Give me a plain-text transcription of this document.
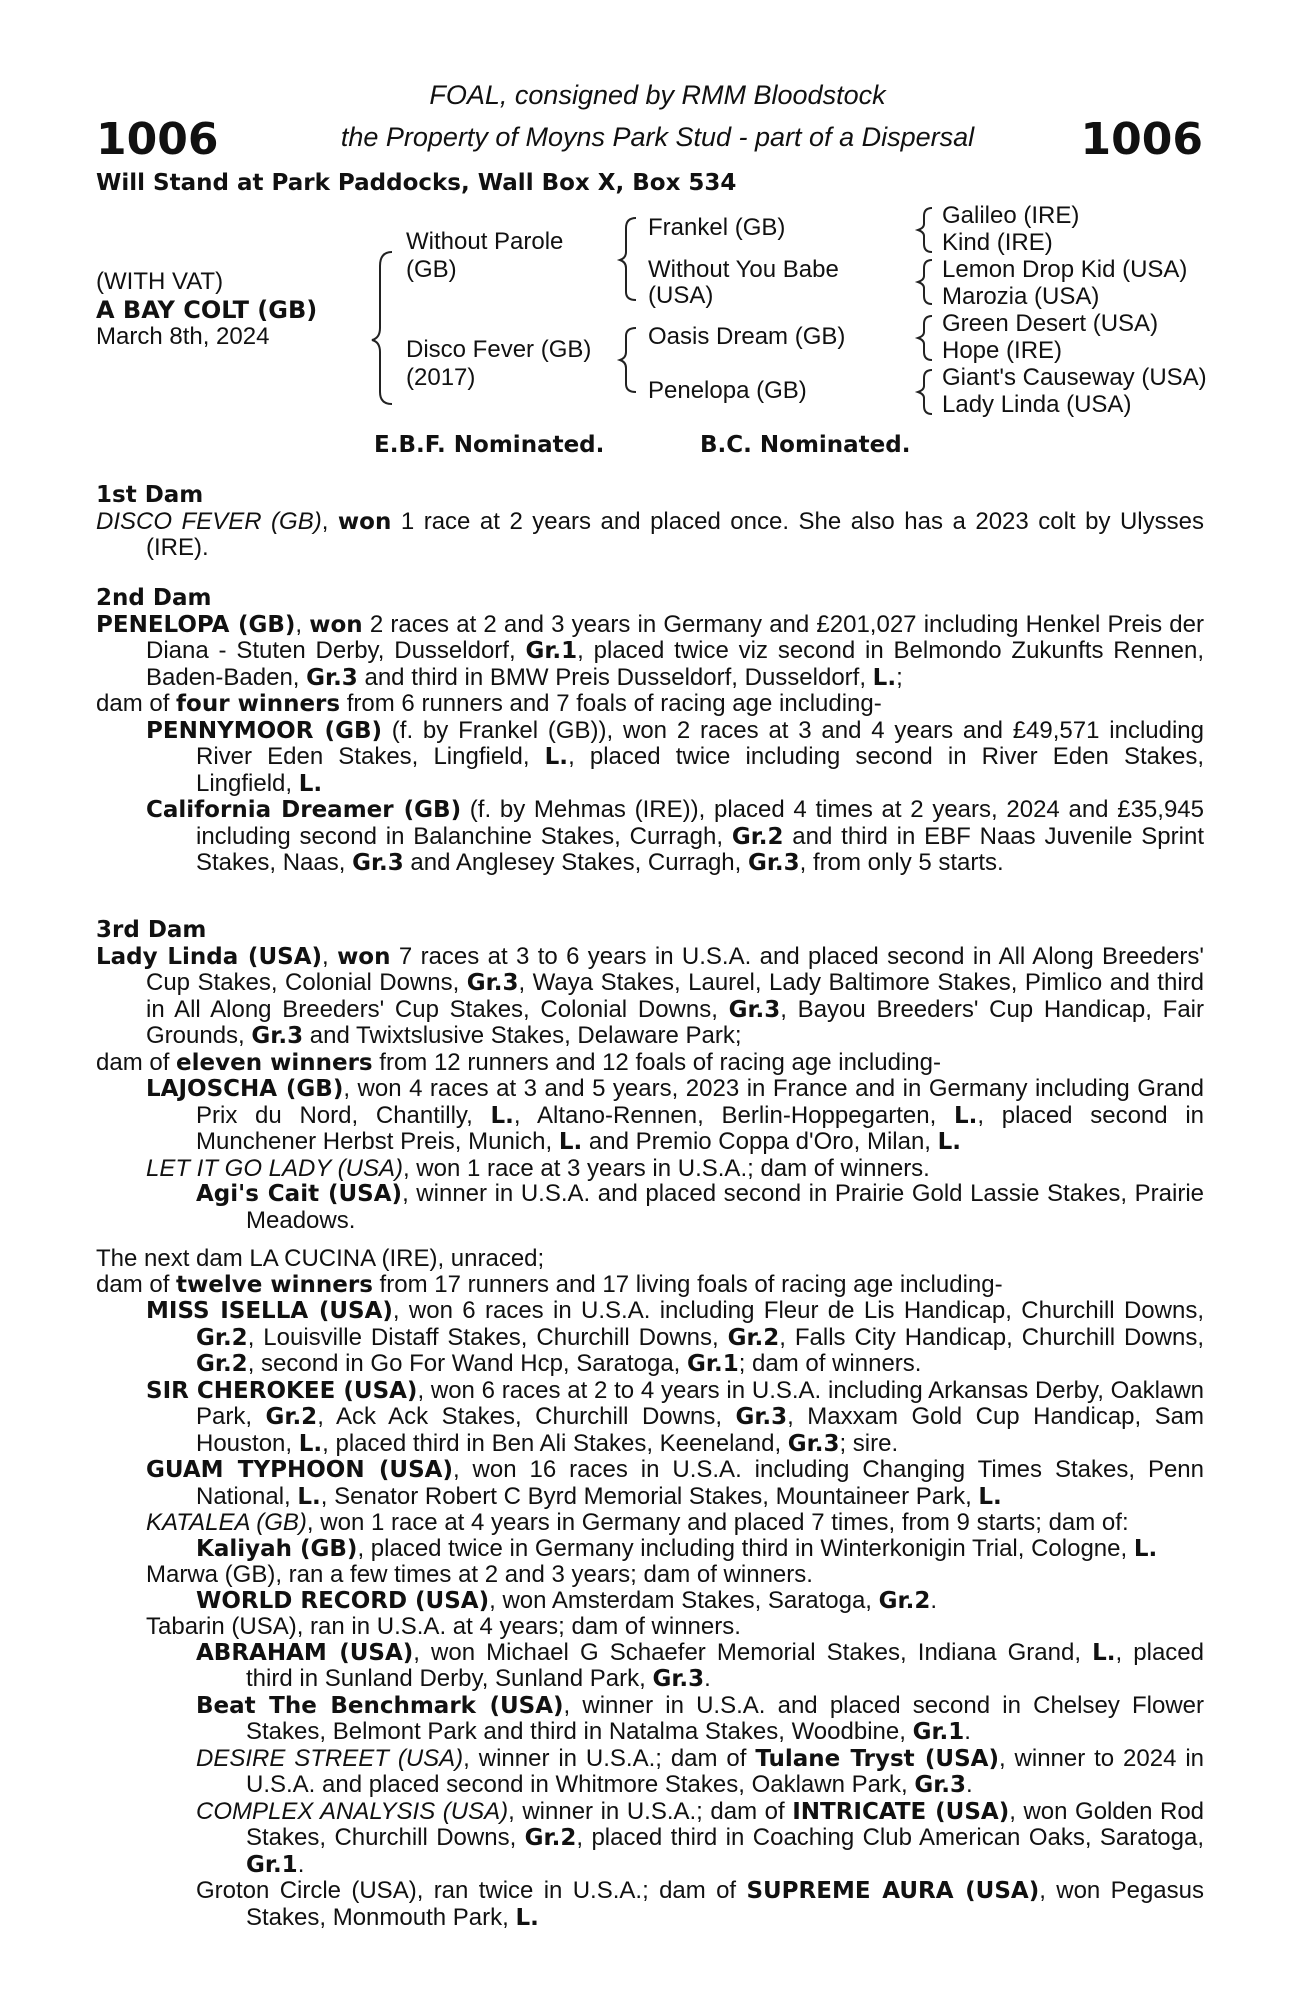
1006	1006
FOAL, consigned by RMM Bloodstock
the Property of Moyns Park Stud - part of a Dispersal
Will Stand at Park Paddocks, Wall Box X, Box 534
(WITH VAT)
A BAY COLT (GB)
March 8th, 2024
Without Parole
(GB)
Disco Fever (GB)
(2017)
Frankel (GB)
Without You Babe
(USA)
Oasis Dream (GB)
Penelopa (GB)
Galileo (IRE)
Kind (IRE)
Lemon Drop Kid (USA)
Marozia (USA)
Green Desert (USA)
Hope (IRE)
Giant's Causeway (USA)
Lady Linda (USA)
E.B.F. Nominated.	B.C. Nominated.
1st Dam

DISCO FEVER (GB), won 1 race at 2 years and placed once. She also has a 2023 colt by Ulysses (IRE).

2nd Dam

PENELOPA (GB), won 2 races at 2 and 3 years in Germany and £201,027 including Henkel Preis der Diana - Stuten Derby, Dusseldorf, Gr.1, placed twice viz second in Belmondo Zukunfts Rennen, Baden-Baden, Gr.3 and third in BMW Preis Dusseldorf, Dusseldorf, L.;

dam of four winners from 6 runners and 7 foals of racing age including-

PENNYMOOR (GB) (f. by Frankel (GB)), won 2 races at 3 and 4 years and £49,571 including River Eden Stakes, Lingfield, L., placed twice including second in River Eden Stakes, Lingfield, L.

California Dreamer (GB) (f. by Mehmas (IRE)), placed 4 times at 2 years, 2024 and £35,945 including second in Balanchine Stakes, Curragh, Gr.2 and third in EBF Naas Juvenile Sprint Stakes, Naas, Gr.3 and Anglesey Stakes, Curragh, Gr.3, from only 5 starts.

3rd Dam

Lady Linda (USA), won 7 races at 3 to 6 years in U.S.A. and placed second in All Along Breeders' Cup Stakes, Colonial Downs, Gr.3, Waya Stakes, Laurel, Lady Baltimore Stakes, Pimlico and third in All Along Breeders' Cup Stakes, Colonial Downs, Gr.3, Bayou Breeders' Cup Handicap, Fair Grounds, Gr.3 and Twixtslusive Stakes, Delaware Park;

dam of eleven winners from 12 runners and 12 foals of racing age including-

LAJOSCHA (GB), won 4 races at 3 and 5 years, 2023 in France and in Germany including Grand Prix du Nord, Chantilly, L., Altano-Rennen, Berlin-Hoppegarten, L., placed second in Munchener Herbst Preis, Munich, L. and Premio Coppa d'Oro, Milan, L.

LET IT GO LADY (USA), won 1 race at 3 years in U.S.A.; dam of winners.

Agi's Cait (USA), winner in U.S.A. and placed second in Prairie Gold Lassie Stakes, Prairie Meadows.

The next dam LA CUCINA (IRE), unraced;

dam of twelve winners from 17 runners and 17 living foals of racing age including-

MISS ISELLA (USA), won 6 races in U.S.A. including Fleur de Lis Handicap, Churchill Downs, Gr.2, Louisville Distaff Stakes, Churchill Downs, Gr.2, Falls City Handicap, Churchill Downs, Gr.2, second in Go For Wand Hcp, Saratoga, Gr.1; dam of winners.

SIR CHEROKEE (USA), won 6 races at 2 to 4 years in U.S.A. including Arkansas Derby, Oaklawn Park, Gr.2, Ack Ack Stakes, Churchill Downs, Gr.3, Maxxam Gold Cup Handicap, Sam Houston, L., placed third in Ben Ali Stakes, Keeneland, Gr.3; sire.

GUAM TYPHOON (USA), won 16 races in U.S.A. including Changing Times Stakes, Penn National, L., Senator Robert C Byrd Memorial Stakes, Mountaineer Park, L.

KATALEA (GB), won 1 race at 4 years in Germany and placed 7 times, from 9 starts; dam of:

Kaliyah (GB), placed twice in Germany including third in Winterkonigin Trial, Cologne, L.

Marwa (GB), ran a few times at 2 and 3 years; dam of winners.

WORLD RECORD (USA), won Amsterdam Stakes, Saratoga, Gr.2.

Tabarin (USA), ran in U.S.A. at 4 years; dam of winners.

ABRAHAM (USA), won Michael G Schaefer Memorial Stakes, Indiana Grand, L., placed third in Sunland Derby, Sunland Park, Gr.3.

Beat The Benchmark (USA), winner in U.S.A. and placed second in Chelsey Flower Stakes, Belmont Park and third in Natalma Stakes, Woodbine, Gr.1.

DESIRE STREET (USA), winner in U.S.A.; dam of Tulane Tryst (USA), winner to 2024 in U.S.A. and placed second in Whitmore Stakes, Oaklawn Park, Gr.3.

COMPLEX ANALYSIS (USA), winner in U.S.A.; dam of INTRICATE (USA), won Golden Rod Stakes, Churchill Downs, Gr.2, placed third in Coaching Club American Oaks, Saratoga, Gr.1.

Groton Circle (USA), ran twice in U.S.A.; dam of SUPREME AURA (USA), won Pegasus Stakes, Monmouth Park, L.
